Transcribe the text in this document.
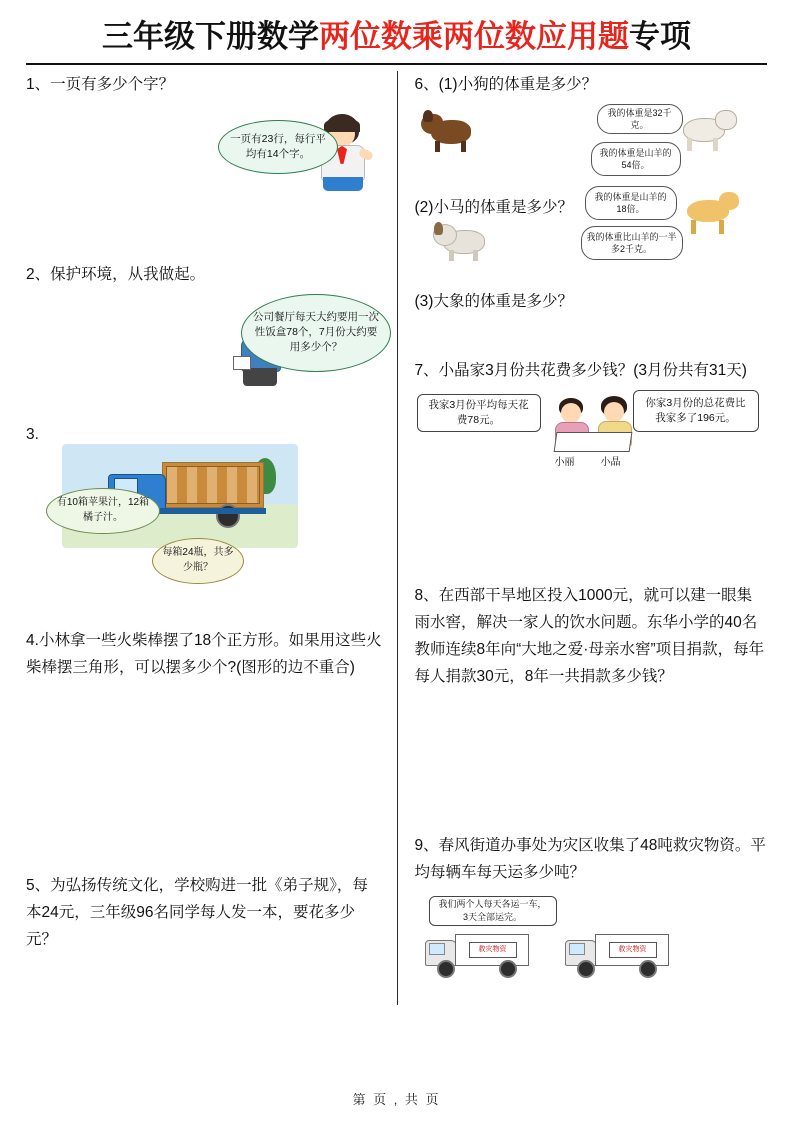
三年级下册数学两位数乘两位数应用题专项
1、一页有多少个字？
一页有23行，每行平均有14个字。
2、保护环境，从我做起。
公司餐厅每天大约要用一次性饭盒78个，7月份大约要用多少个？
3.
有10箱苹果汁，12箱橘子汁。
每箱24瓶，共多少瓶？
4.小林拿一些火柴棒摆了18个正方形。如果用这些火柴棒摆三角形，可以摆多少个?(图形的边不重合)
5、为弘扬传统文化，学校购进一批《弟子规》，每本24元，三年级96名同学每人发一本，要花多少元？
6、(1)小狗的体重是多少？
我的体重是32千克。
我的体重是山羊的54倍。
我的体重是山羊的18倍。
我的体重比山羊的一半多2千克。
(2)小马的体重是多少？
(3)大象的体重是多少？
7、小晶家3月份共花费多少钱？(3月份共有31天)
我家3月份平均每天花费78元。
你家3月份的总花费比我家多了196元。
小丽	小晶
8、在西部干旱地区投入1000元，就可以建一眼集雨水窖，解决一家人的饮水问题。东华小学的40名教师连续8年向“大地之爱·母亲水窖”项目捐款，每年每人捐款30元，8年一共捐款多少钱？
9、春风街道办事处为灾区收集了48吨救灾物资。平均每辆车每天运多少吨？
我们两个人每天各运一车，3天全部运完。
救灾物资	救灾物资
第 页 , 共 页
